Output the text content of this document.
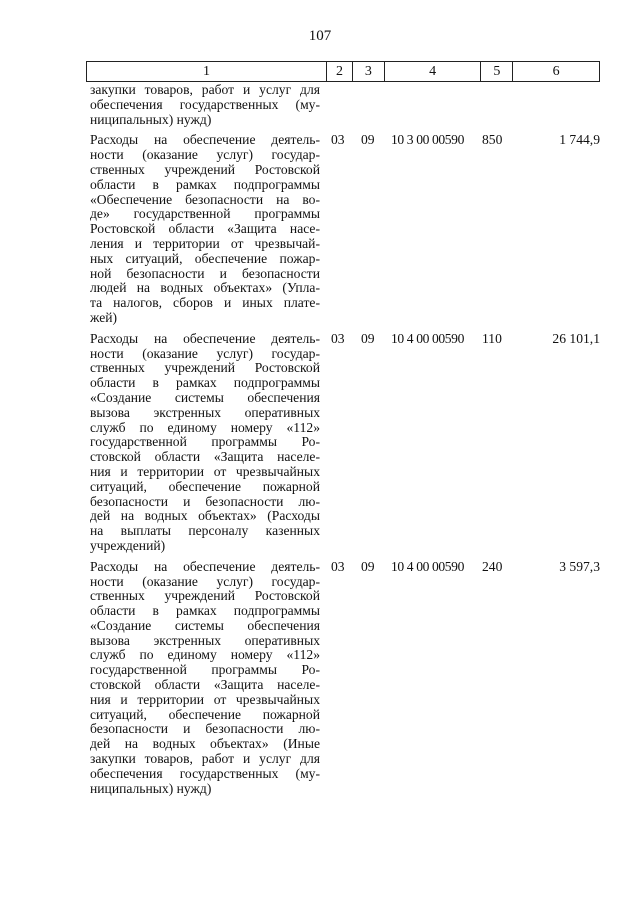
107
1	2	3	4	5	6
закупки товаров, работ и услуг для
обеспечения государственных (му-
ниципальных) нужд)
Расходы на обеспечение деятель-
ности (оказание услуг) государ-
ственных учреждений Ростовской
области в рамках подпрограммы
«Обеспечение безопасности на во-
де» государственной программы
Ростовской области «Защита насе-
ления и территории от чрезвычай-
ных ситуаций, обеспечение пожар-
ной безопасности и безопасности
людей на водных объектах» (Упла-
та налогов, сборов и иных плате-
жей)
03	09	10 3 00 00590	850	1 744,9
Расходы на обеспечение деятель-
ности (оказание услуг) государ-
ственных учреждений Ростовской
области в рамках подпрограммы
«Создание системы обеспечения
вызова экстренных оперативных
служб по единому номеру «112»
государственной программы Ро-
стовской области «Защита населе-
ния и территории от чрезвычайных
ситуаций, обеспечение пожарной
безопасности и безопасности лю-
дей на водных объектах» (Расходы
на выплаты персоналу казенных
учреждений)
03	09	10 4 00 00590	110	26 101,1
Расходы на обеспечение деятель-
ности (оказание услуг) государ-
ственных учреждений Ростовской
области в рамках подпрограммы
«Создание системы обеспечения
вызова экстренных оперативных
служб по единому номеру «112»
государственной программы Ро-
стовской области «Защита населе-
ния и территории от чрезвычайных
ситуаций, обеспечение пожарной
безопасности и безопасности лю-
дей на водных объектах» (Иные
закупки товаров, работ и услуг для
обеспечения государственных (му-
ниципальных) нужд)
03	09	10 4 00 00590	240	3 597,3
